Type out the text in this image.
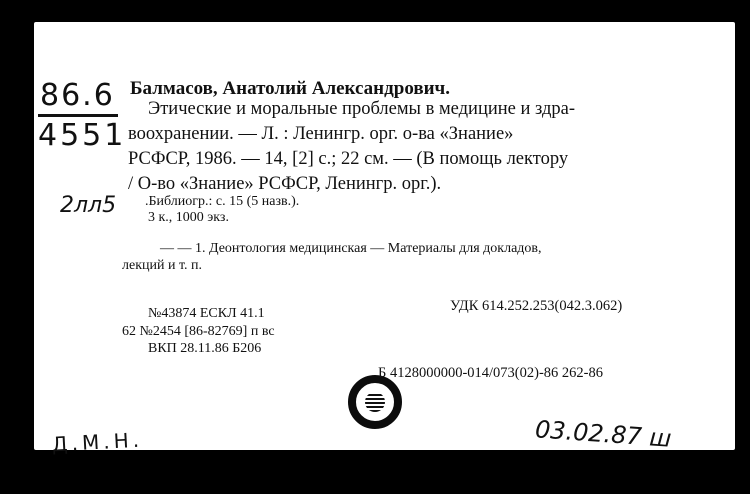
86.6
4551
2лл5
Балмасов, Анатолий Александрович.
Этические и моральные проблемы в медицине и здра-
воохранении. — Л. : Ленингр. орг. о-ва «Знание»
РСФСР, 1986. — 14, [2] с.; 22 см. — (В помощь лектору
/ О-во «Знание» РСФСР, Ленингр. орг.).
.Библиогр.: с. 15 (5 назв.).
3 к., 1000 экз.
— — 1. Деонтология медицинская — Материалы для докладов,
лекций и т. п.
УДК 614.252.253(042.3.062)
№43874 ЕСКЛ 41.1
62 №2454 [86-82769] п вс
ВКП 28.11.86 Б206
Б 4128000000-014/073(02)-86 262-86
Д.М.Н.	03.02.87 ш
